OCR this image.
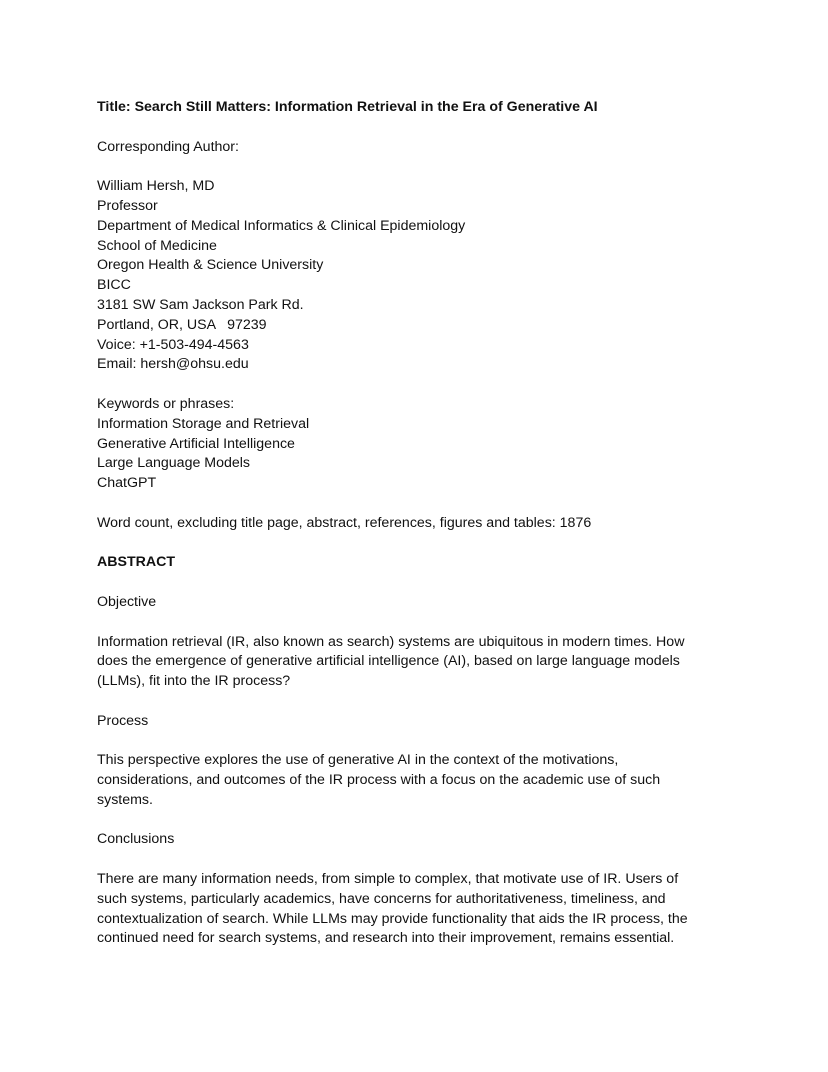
Title: Search Still Matters: Information Retrieval in the Era of Generative AI
Corresponding Author:
William Hersh, MD
Professor
Department of Medical Informatics & Clinical Epidemiology
School of Medicine
Oregon Health & Science University
BICC
3181 SW Sam Jackson Park Rd.
Portland, OR, USA   97239
Voice: +1-503-494-4563
Email: hersh@ohsu.edu
Keywords or phrases:
Information Storage and Retrieval
Generative Artificial Intelligence
Large Language Models
ChatGPT
Word count, excluding title page, abstract, references, figures and tables: 1876
ABSTRACT
Objective
Information retrieval (IR, also known as search) systems are ubiquitous in modern times. How
does the emergence of generative artificial intelligence (AI), based on large language models
(LLMs), fit into the IR process?
Process
This perspective explores the use of generative AI in the context of the motivations,
considerations, and outcomes of the IR process with a focus on the academic use of such
systems.
Conclusions
There are many information needs, from simple to complex, that motivate use of IR. Users of
such systems, particularly academics, have concerns for authoritativeness, timeliness, and
contextualization of search. While LLMs may provide functionality that aids the IR process, the
continued need for search systems, and research into their improvement, remains essential.
